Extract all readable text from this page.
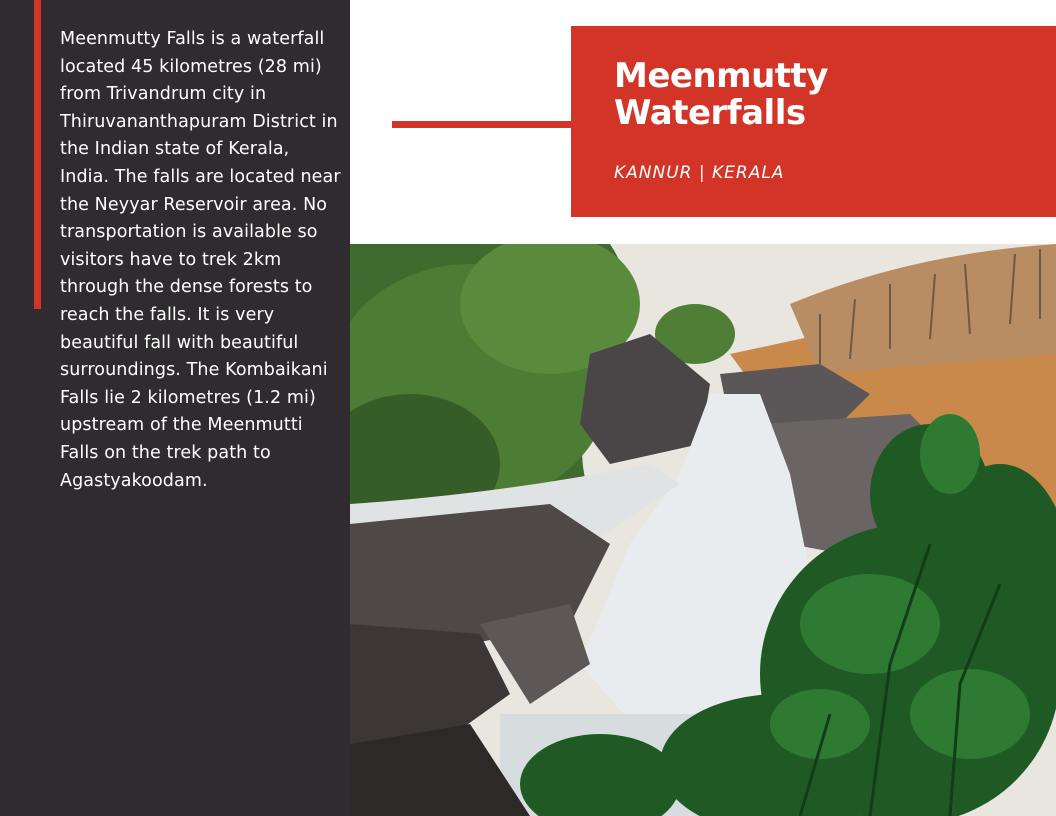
Meenmutty Falls is a waterfall located 45 kilometres (28 mi) from Trivandrum city in Thiruvananthapuram District in the Indian state of Kerala, India. The falls are located near the Neyyar Reservoir area. No transportation is available so visitors have to trek 2km through the dense forests to reach the falls. It is very beautiful fall with beautiful surroundings. The Kombaikani Falls lie 2 kilometres (1.2 mi) upstream of the Meenmutti Falls on the trek path to Agastyakoodam.

Meenmutty
Waterfalls

KANNUR | KERALA
